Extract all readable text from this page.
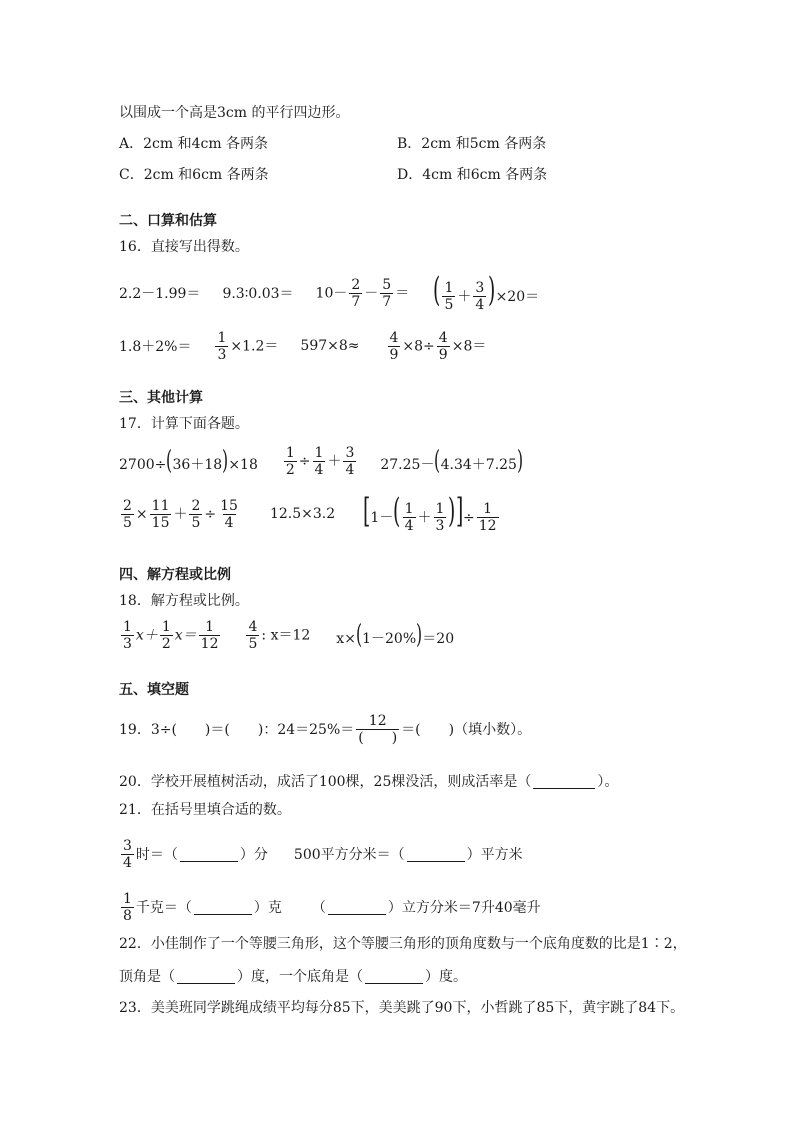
以围成一个高是3cm 的平行四边形。
A．2cm 和4cm 各两条	B．2cm 和5cm 各两条
C．2cm 和6cm 各两条	D．4cm 和6cm 各两条
二、口算和估算
16．直接写出得数。
2.2－1.99＝ 9.3∶0.03＝ $10- \frac{2}{7} - \frac{5}{7}$ ＝ ( $\frac{1}{5} + \frac{3}{4} )\times 20=$
$1.8+2\%= \frac{1}{3} \times 1.2= 597\times 8\approx \frac{4}{9} \times 8\div \frac{4}{9} \times 8=$
三、其他计算
17．计算下面各题。
$2700\div(36+18)\times 18 \frac{1}{2} \div \frac{1}{4} + \frac{3}{4} 27.25-(4.34+7.25)$
$\frac{2}{5} \times \frac{11}{15} + \frac{2}{5} \div \frac{15}{4} 12.5\times 3.2$ [$1-( \frac{1}{4} + \frac{1}{3}$ )]÷ $\frac{1}{12}$
四、解方程或比例
18．解方程或比例。
$\frac{1}{3} x+ \frac{1}{2} x= \frac{1}{12} \frac{4}{5}$ : x＝12 x×(1－20%)＝20
五、填空题
19． 3÷(　　)＝(　　)：$24=25\%= \frac{12}{( )}$ ＝(　　)（填小数）。
20．学校开展植树活动，成活了100棵，25棵没活，则成活率是（	）。
21．在括号里填合适的数。
$\frac{3}{4}$ 时＝（	）分 500平方分米＝（	）平方米
$\frac{1}{8}$ 千克＝（	）克 （	）立方分米＝7升40毫升
22．小佳制作了一个等腰三角形，这个等腰三角形的顶角度数与一个底角度数的比是1∶2，
顶角是（	）度，一个底角是（	）度。
23．美美班同学跳绳成绩平均每分85下，美美跳了90下，小哲跳了85下，黄宇跳了84下。
